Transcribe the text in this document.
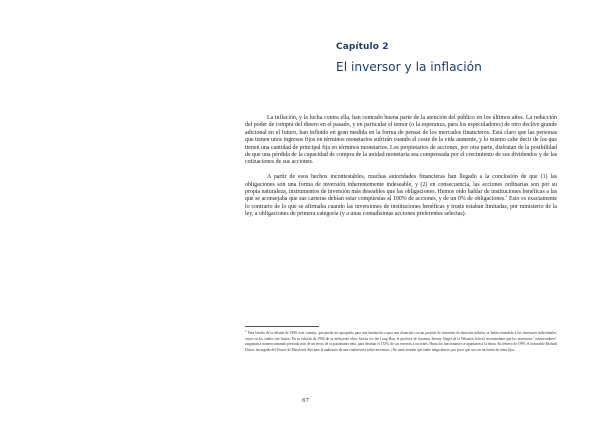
Capítulo 2
El inversor y la inflación

La inflación, y la lucha contra ella, han centrado buena parte de la atención del público en los últimos años. La reducción del poder de compra del dinero en el pasado, y en particular el temor (o la esperanza, para los especuladores) de otro declive grande adicional en el futuro, han influido en gran medida en la forma de pensar de los mercados financieros. Está claro que las personas que tienen unos ingresos fijos en términos monetarios sufrirán cuando el coste de la vida aumente, y lo mismo cabe decir de los que tienen una cantidad de principal fija en términos monetarios. Los propietarios de acciones, por otra parte, disfrutan de la posibilidad de que una pérdida de la capacidad de compra de la unidad monetaria sea compensada por el crecimiento de sus dividendos y de las cotizaciones de sus acciones.

A partir de esos hechos incontestables, muchas autoridades financieras han llegado a la conclusión de que (1) las obligaciones son una forma de inversión inherentemente indeseable, y (2) en consecuencia, las acciones ordinarias son por su propia naturaleza, instrumentos de inversión más deseables que las obligaciones. Hemos oído hablar de instituciones benéficas a las que se aconsejaba que sus carteras debían estar compuestas al 100% de acciones, y de un 0% de obligaciones.$^1$ Esto es exactamente lo contrario de lo que se afirmaba cuando las inversiones de instituciones benéficas y trusts estaban limitadas, por ministerio de la ley, a obligaciones de primera categoría (y a unas contadísimas acciones preferentes selectas).

$^1$ Para finales de la década de 1990, este consejo, que puede ser apropiado para una fundación o para una donación con un período de inversión de duración infinita, se había extendido a los inversores individuales, cuyos ciclos vitales son finitos. En su edición de 1994 de su influyente obra, Stocks for the Long Run, el profesor de finanzas Jeremy Siegel de la Wharton School recomendaba que los inversores "conservadores" asignaran a manera tomando prestado más de un tercio de su patrimonio neto, para destinar el 135% de sus reservas a acciones. Hasta los funcionarios se apuntaron a la fiesta: En febrero de 1999, el honorable Richard Dixon, encargado del Tesoro de Maryland, dijo ante la audiencia de una conferencia sobre inversión: «No tiene sentido que nadie tenga dinero, por poco que sea, en un fondo de renta fija».
67
